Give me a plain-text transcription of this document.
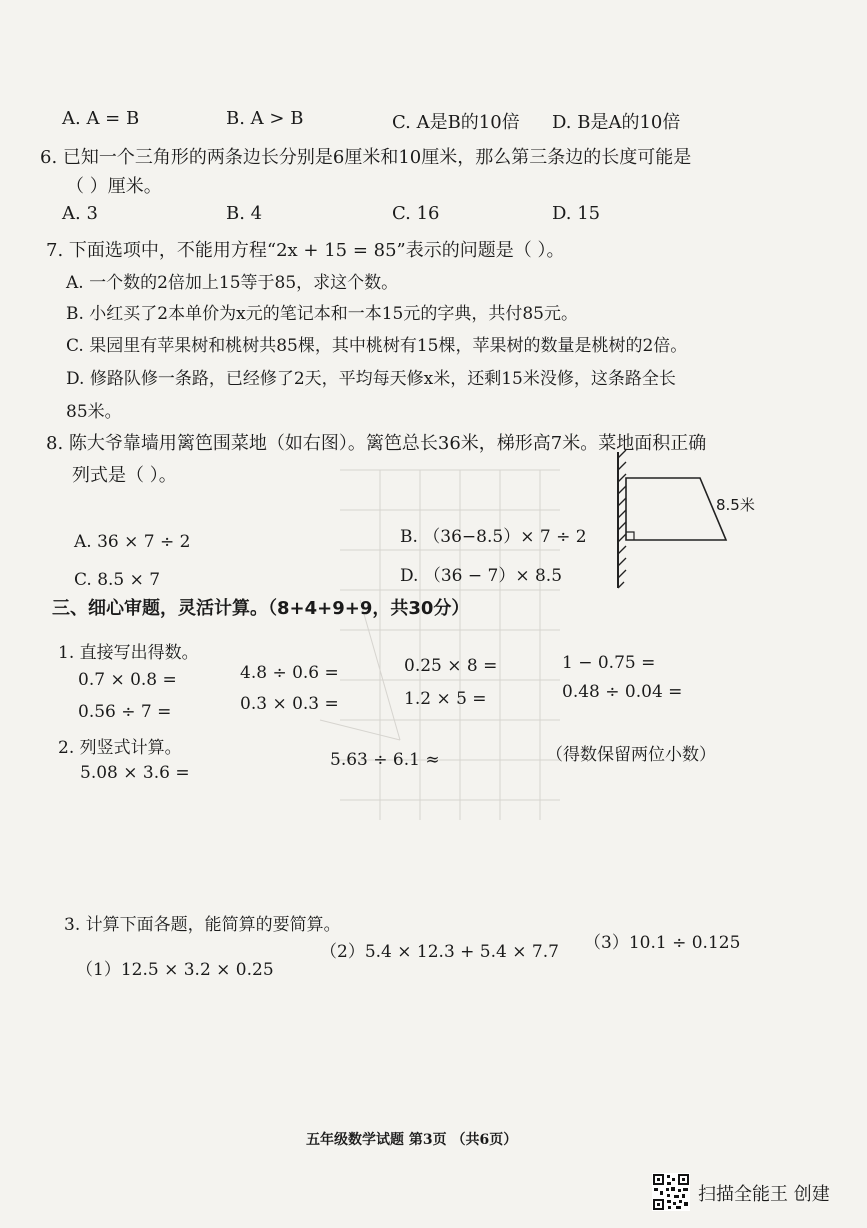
A. A = B	B. A > B	C. A是B的10倍 D. B是A的10倍
6. 已知一个三角形的两条边长分别是6厘米和10厘米，那么第三条边的长度可能是
（ ）厘米。
A. 3	B. 4	C. 16	D. 15
7. 下面选项中，不能用方程“2x + 15 = 85”表示的问题是（ ）。
A. 一个数的2倍加上15等于85，求这个数。
B. 小红买了2本单价为x元的笔记本和一本15元的字典，共付85元。
C. 果园里有苹果树和桃树共85棵，其中桃树有15棵，苹果树的数量是桃树的2倍。
D. 修路队修一条路，已经修了2天，平均每天修x米，还剩15米没修，这条路全长
85米。
8. 陈大爷靠墙用篱笆围菜地（如右图）。篱笆总长36米，梯形高7米。菜地面积正确
列式是（ ）。
A. 36 × 7 ÷ 2	B. （36−8.5）× 7 ÷ 2
C. 8.5 × 7	D. （36 − 7）× 8.5
8.5米
三、细心审题，灵活计算。（8+4+9+9，共30分）
1. 直接写出得数。
0.7 × 0.8 =	4.8 ÷ 0.6 =	0.25 × 8 =	1 − 0.75 =
0.56 ÷ 7 =	0.3 × 0.3 =	1.2 × 5 =	0.48 ÷ 0.04 =
2. 列竖式计算。
5.08 × 3.6 =
5.63 ÷ 6.1 ≈	（得数保留两位小数）
3. 计算下面各题，能简算的要简算。
（1）12.5 × 3.2 × 0.25
（2）5.4 × 12.3 + 5.4 × 7.7 （3）10.1 ÷ 0.125
五年级数学试题 第3页 （共6页）
扫描全能王 创建
